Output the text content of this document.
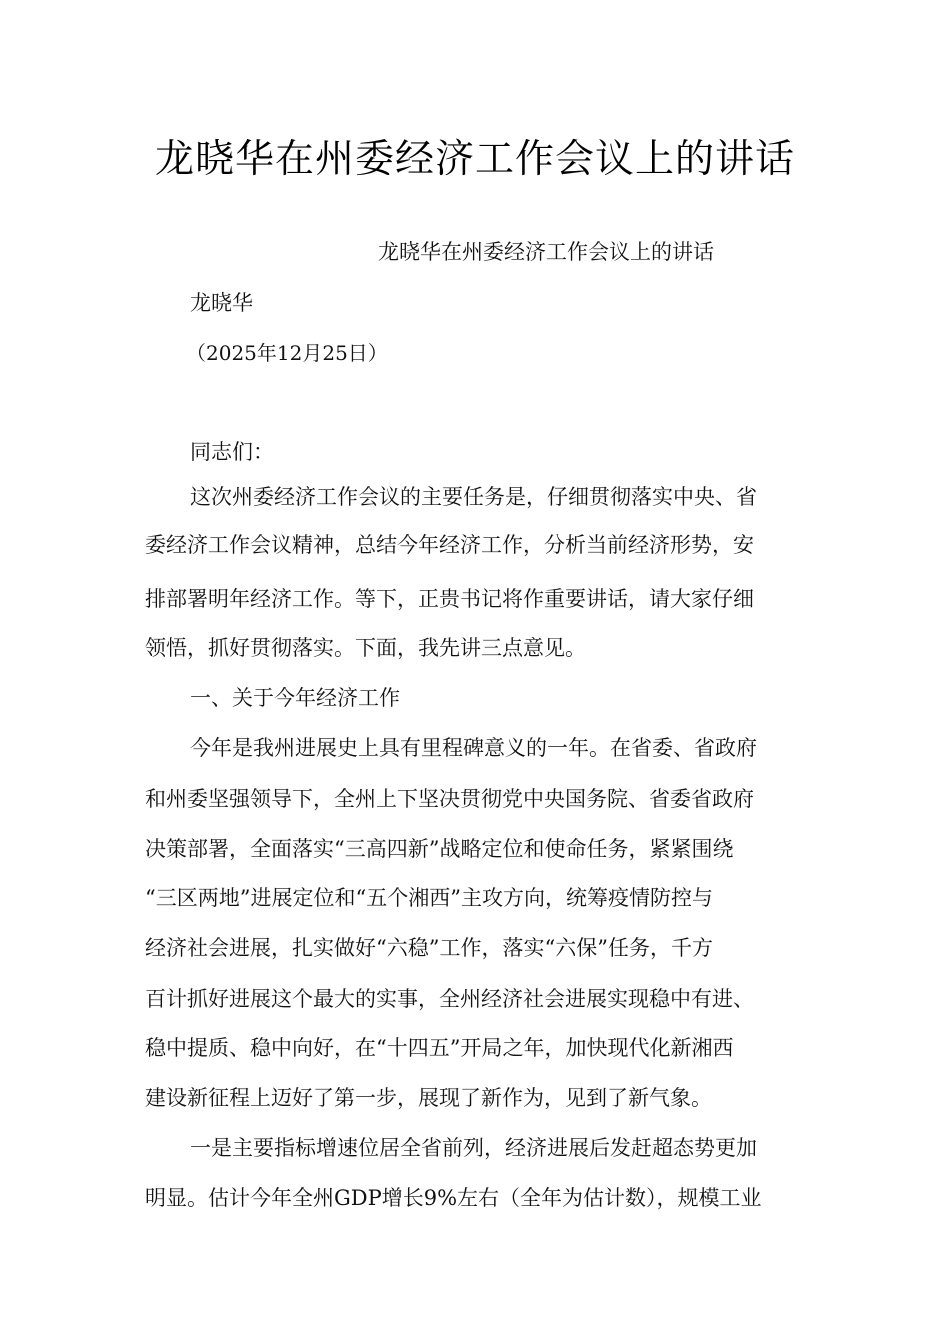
龙晓华在州委经济工作会议上的讲话
龙晓华在州委经济工作会议上的讲话
龙晓华
（2025年12月25日）
同志们：
这次州委经济工作会议的主要任务是，仔细贯彻落实中央、省
委经济工作会议精神，总结今年经济工作，分析当前经济形势，安
排部署明年经济工作。等下，正贵书记将作重要讲话，请大家仔细
领悟，抓好贯彻落实。下面，我先讲三点意见。
一、关于今年经济工作
今年是我州进展史上具有里程碑意义的一年。在省委、省政府
和州委坚强领导下，全州上下坚决贯彻党中央国务院、省委省政府
决策部署，全面落实“三高四新”战略定位和使命任务，紧紧围绕
“三区两地”进展定位和“五个湘西”主攻方向，统筹疫情防控与
经济社会进展，扎实做好“六稳”工作，落实“六保”任务，千方
百计抓好进展这个最大的实事，全州经济社会进展实现稳中有进、
稳中提质、稳中向好，在“十四五”开局之年，加快现代化新湘西
建设新征程上迈好了第一步，展现了新作为，见到了新气象。
一是主要指标增速位居全省前列，经济进展后发赶超态势更加
明显。估计今年全州GDP增长9%左右（全年为估计数），规模工业
